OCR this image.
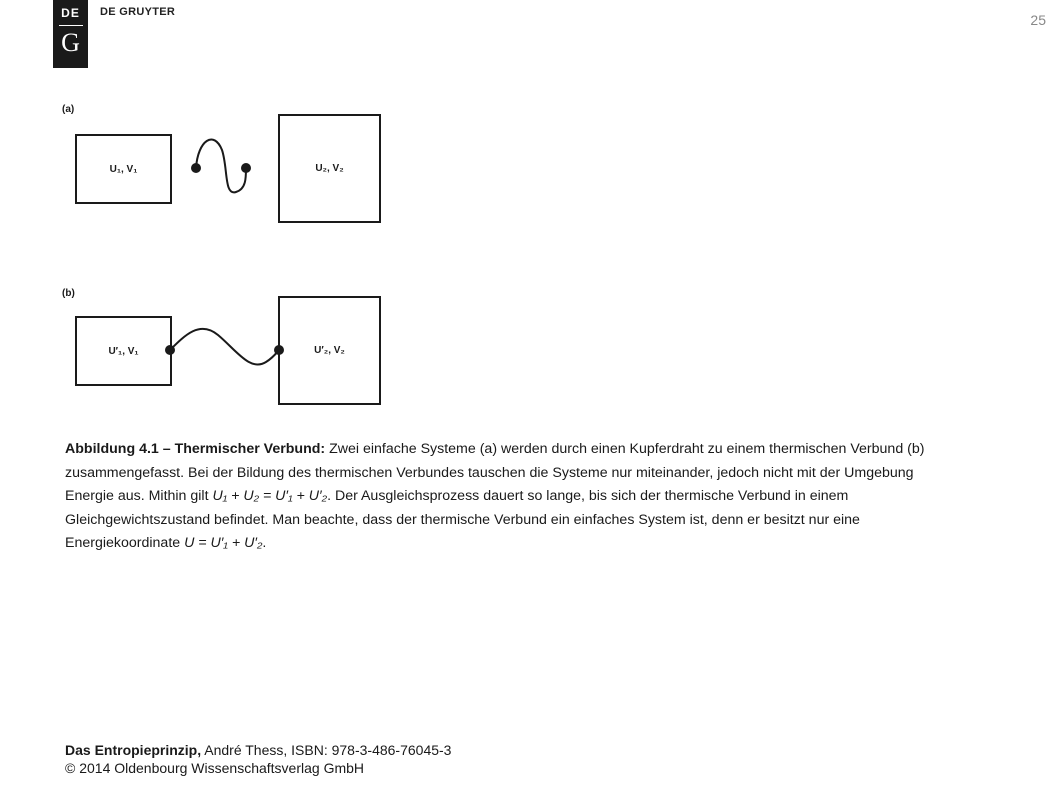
DE
G
DE GRUYTER	25
(a)
U₁, V₁	U₂, V₂
(b)
U′₁, V₁	U′₂, V₂
Abbildung 4.1 – Thermischer Verbund: Zwei einfache Systeme (a) werden durch einen Kupferdraht zu einem thermischen Verbund (b) zusammengefasst. Bei der Bildung des thermischen Verbundes tauschen die Systeme nur miteinander, jedoch nicht mit der Umgebung Energie aus. Mithin gilt U₁ + U₂ = U′₁ + U′₂. Der Ausgleichsprozess dauert so lange, bis sich der thermische Verbund in einem Gleichgewichtszustand befindet. Man beachte, dass der thermische Verbund ein einfaches System ist, denn er besitzt nur eine Energiekoordinate U = U′₁ + U′₂.
Das Entropieprinzip, André Thess, ISBN: 978-3-486-76045-3
© 2014 Oldenbourg Wissenschaftsverlag GmbH
